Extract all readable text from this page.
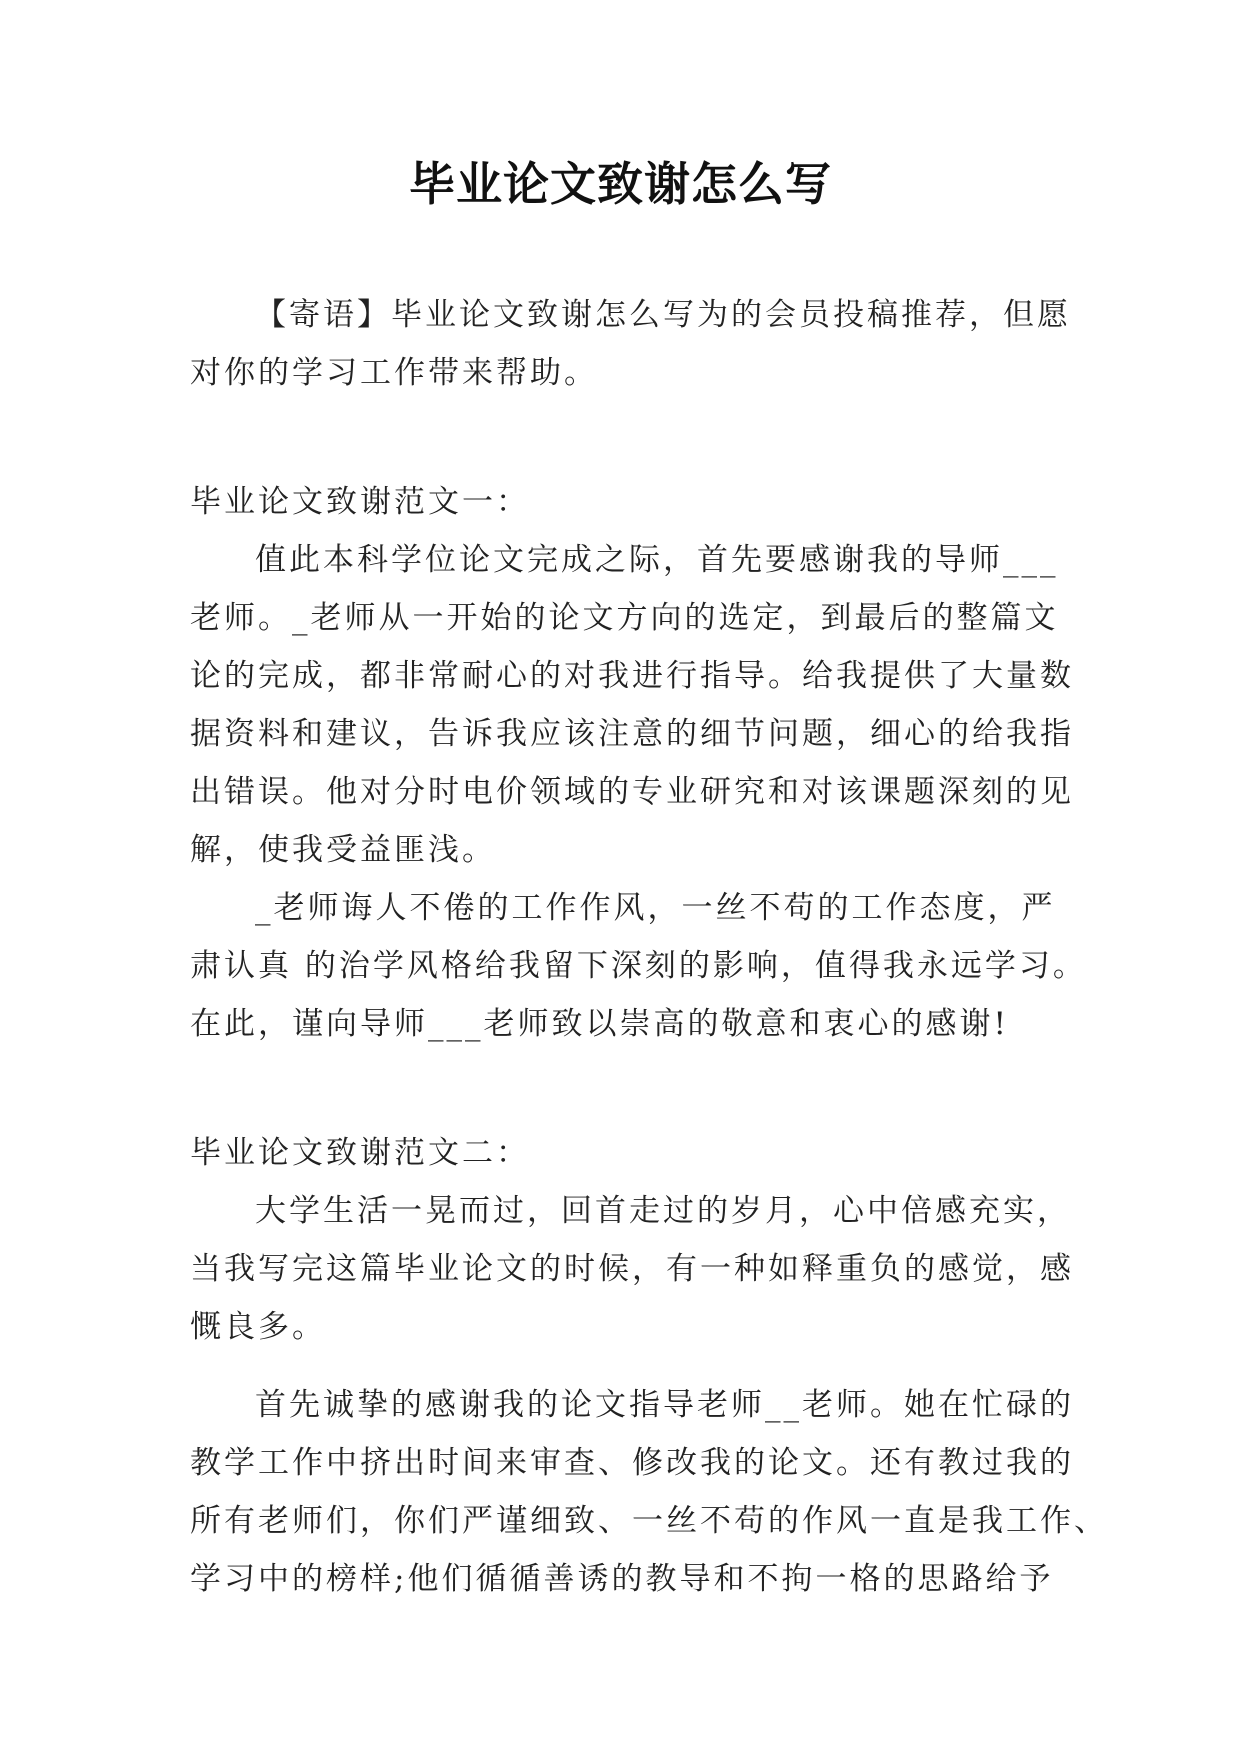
毕业论文致谢怎么写
【寄语】毕业论文致谢怎么写为的会员投稿推荐，但愿
对你的学习工作带来帮助。
毕业论文致谢范文一：
值此本科学位论文完成之际，首先要感谢我的导师___
老师。_老师从一开始的论文方向的选定，到最后的整篇文
论的完成，都非常耐心的对我进行指导。给我提供了大量数
据资料和建议，告诉我应该注意的细节问题，细心的给我指
出错误。他对分时电价领域的专业研究和对该课题深刻的见
解，使我受益匪浅。
_老师诲人不倦的工作作风，一丝不苟的工作态度，严
肃认真 的治学风格给我留下深刻的影响，值得我永远学习。
在此，谨向导师___老师致以崇高的敬意和衷心的感谢!
毕业论文致谢范文二：
大学生活一晃而过，回首走过的岁月，心中倍感充实，
当我写完这篇毕业论文的时候，有一种如释重负的感觉，感
慨良多。
首先诚挚的感谢我的论文指导老师__老师。她在忙碌的
教学工作中挤出时间来审查、修改我的论文。还有教过我的
所有老师们，你们严谨细致、一丝不苟的作风一直是我工作、
学习中的榜样;他们循循善诱的教导和不拘一格的思路给予
